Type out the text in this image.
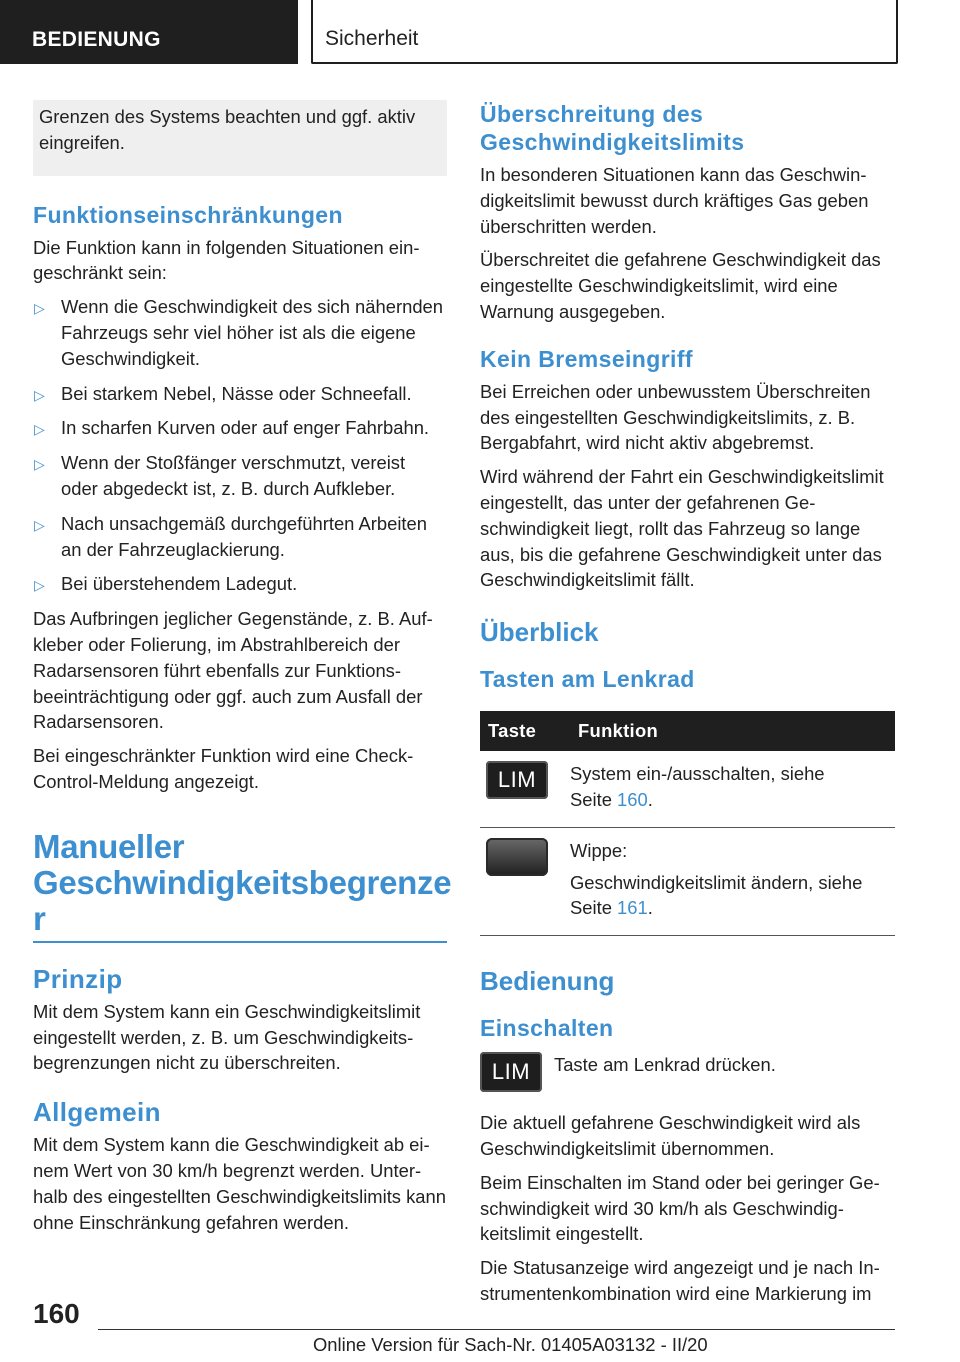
BEDIENUNG	Sicherheit

Grenzen des Systems beachten und ggf. aktiv eingreifen.

Funktionseinschränkungen

Die Funktion kann in folgenden Situationen eingeschränkt sein:

▷ Wenn die Geschwindigkeit des sich nähernden Fahrzeugs sehr viel höher ist als die eigene Geschwindigkeit.
▷ Bei starkem Nebel, Nässe oder Schneefall.
▷ In scharfen Kurven oder auf enger Fahrbahn.
▷ Wenn der Stoßfänger verschmutzt, vereist oder abgedeckt ist, z. B. durch Aufkleber.
▷ Nach unsachgemäß durchgeführten Arbeiten an der Fahrzeuglackierung.
▷ Bei überstehendem Ladegut.

Das Aufbringen jeglicher Gegenstände, z. B. Aufkleber oder Folierung, im Abstrahlbereich der Radarsensoren führt ebenfalls zur Funktionsbeeinträchtigung oder ggf. auch zum Ausfall der Radarsensoren.

Bei eingeschränkter Funktion wird eine Check-Control-Meldung angezeigt.

Manueller Geschwindigkeitsbegrenze r
Prinzip

Mit dem System kann ein Geschwindigkeitslimit eingestellt werden, z. B. um Geschwindigkeitsbegrenzungen nicht zu überschreiten.

Allgemein

Mit dem System kann die Geschwindigkeit ab einem Wert von 30 km/h begrenzt werden. Unterhalb des eingestellten Geschwindigkeitslimits kann ohne Einschränkung gefahren werden.

Überschreitung des Geschwindigkeitslimits

In besonderen Situationen kann das Geschwindigkeitslimit bewusst durch kräftiges Gas geben überschritten werden.

Überschreitet die gefahrene Geschwindigkeit das eingestellte Geschwindigkeitslimit, wird eine Warnung ausgegeben.

Kein Bremseingriff

Bei Erreichen oder unbewusstem Überschreiten des eingestellten Geschwindigkeitslimits, z. B. Bergabfahrt, wird nicht aktiv abgebremst.

Wird während der Fahrt ein Geschwindigkeitslimit eingestellt, das unter der gefahrenen Geschwindigkeit liegt, rollt das Fahrzeug so lange aus, bis die gefahrene Geschwindigkeit unter das Geschwindigkeitslimit fällt.

Überblick
Tasten am Lenkrad
Taste	Funktion

LIM	System ein-/ausschalten, siehe
Seite 160.

	Wippe:

Geschwindigkeitslimit ändern, siehe
Seite 161.

Bedienung
Einschalten
LIM	Taste am Lenkrad drücken.

Die aktuell gefahrene Geschwindigkeit wird als Geschwindigkeitslimit übernommen.

Beim Einschalten im Stand oder bei geringer Geschwindigkeit wird 30 km/h als Geschwindigkeitslimit eingestellt.

Die Statusanzeige wird angezeigt und je nach Instrumentenkombination wird eine Markierung im

160
Online Version für Sach-Nr. 01405A03132 - II/20
